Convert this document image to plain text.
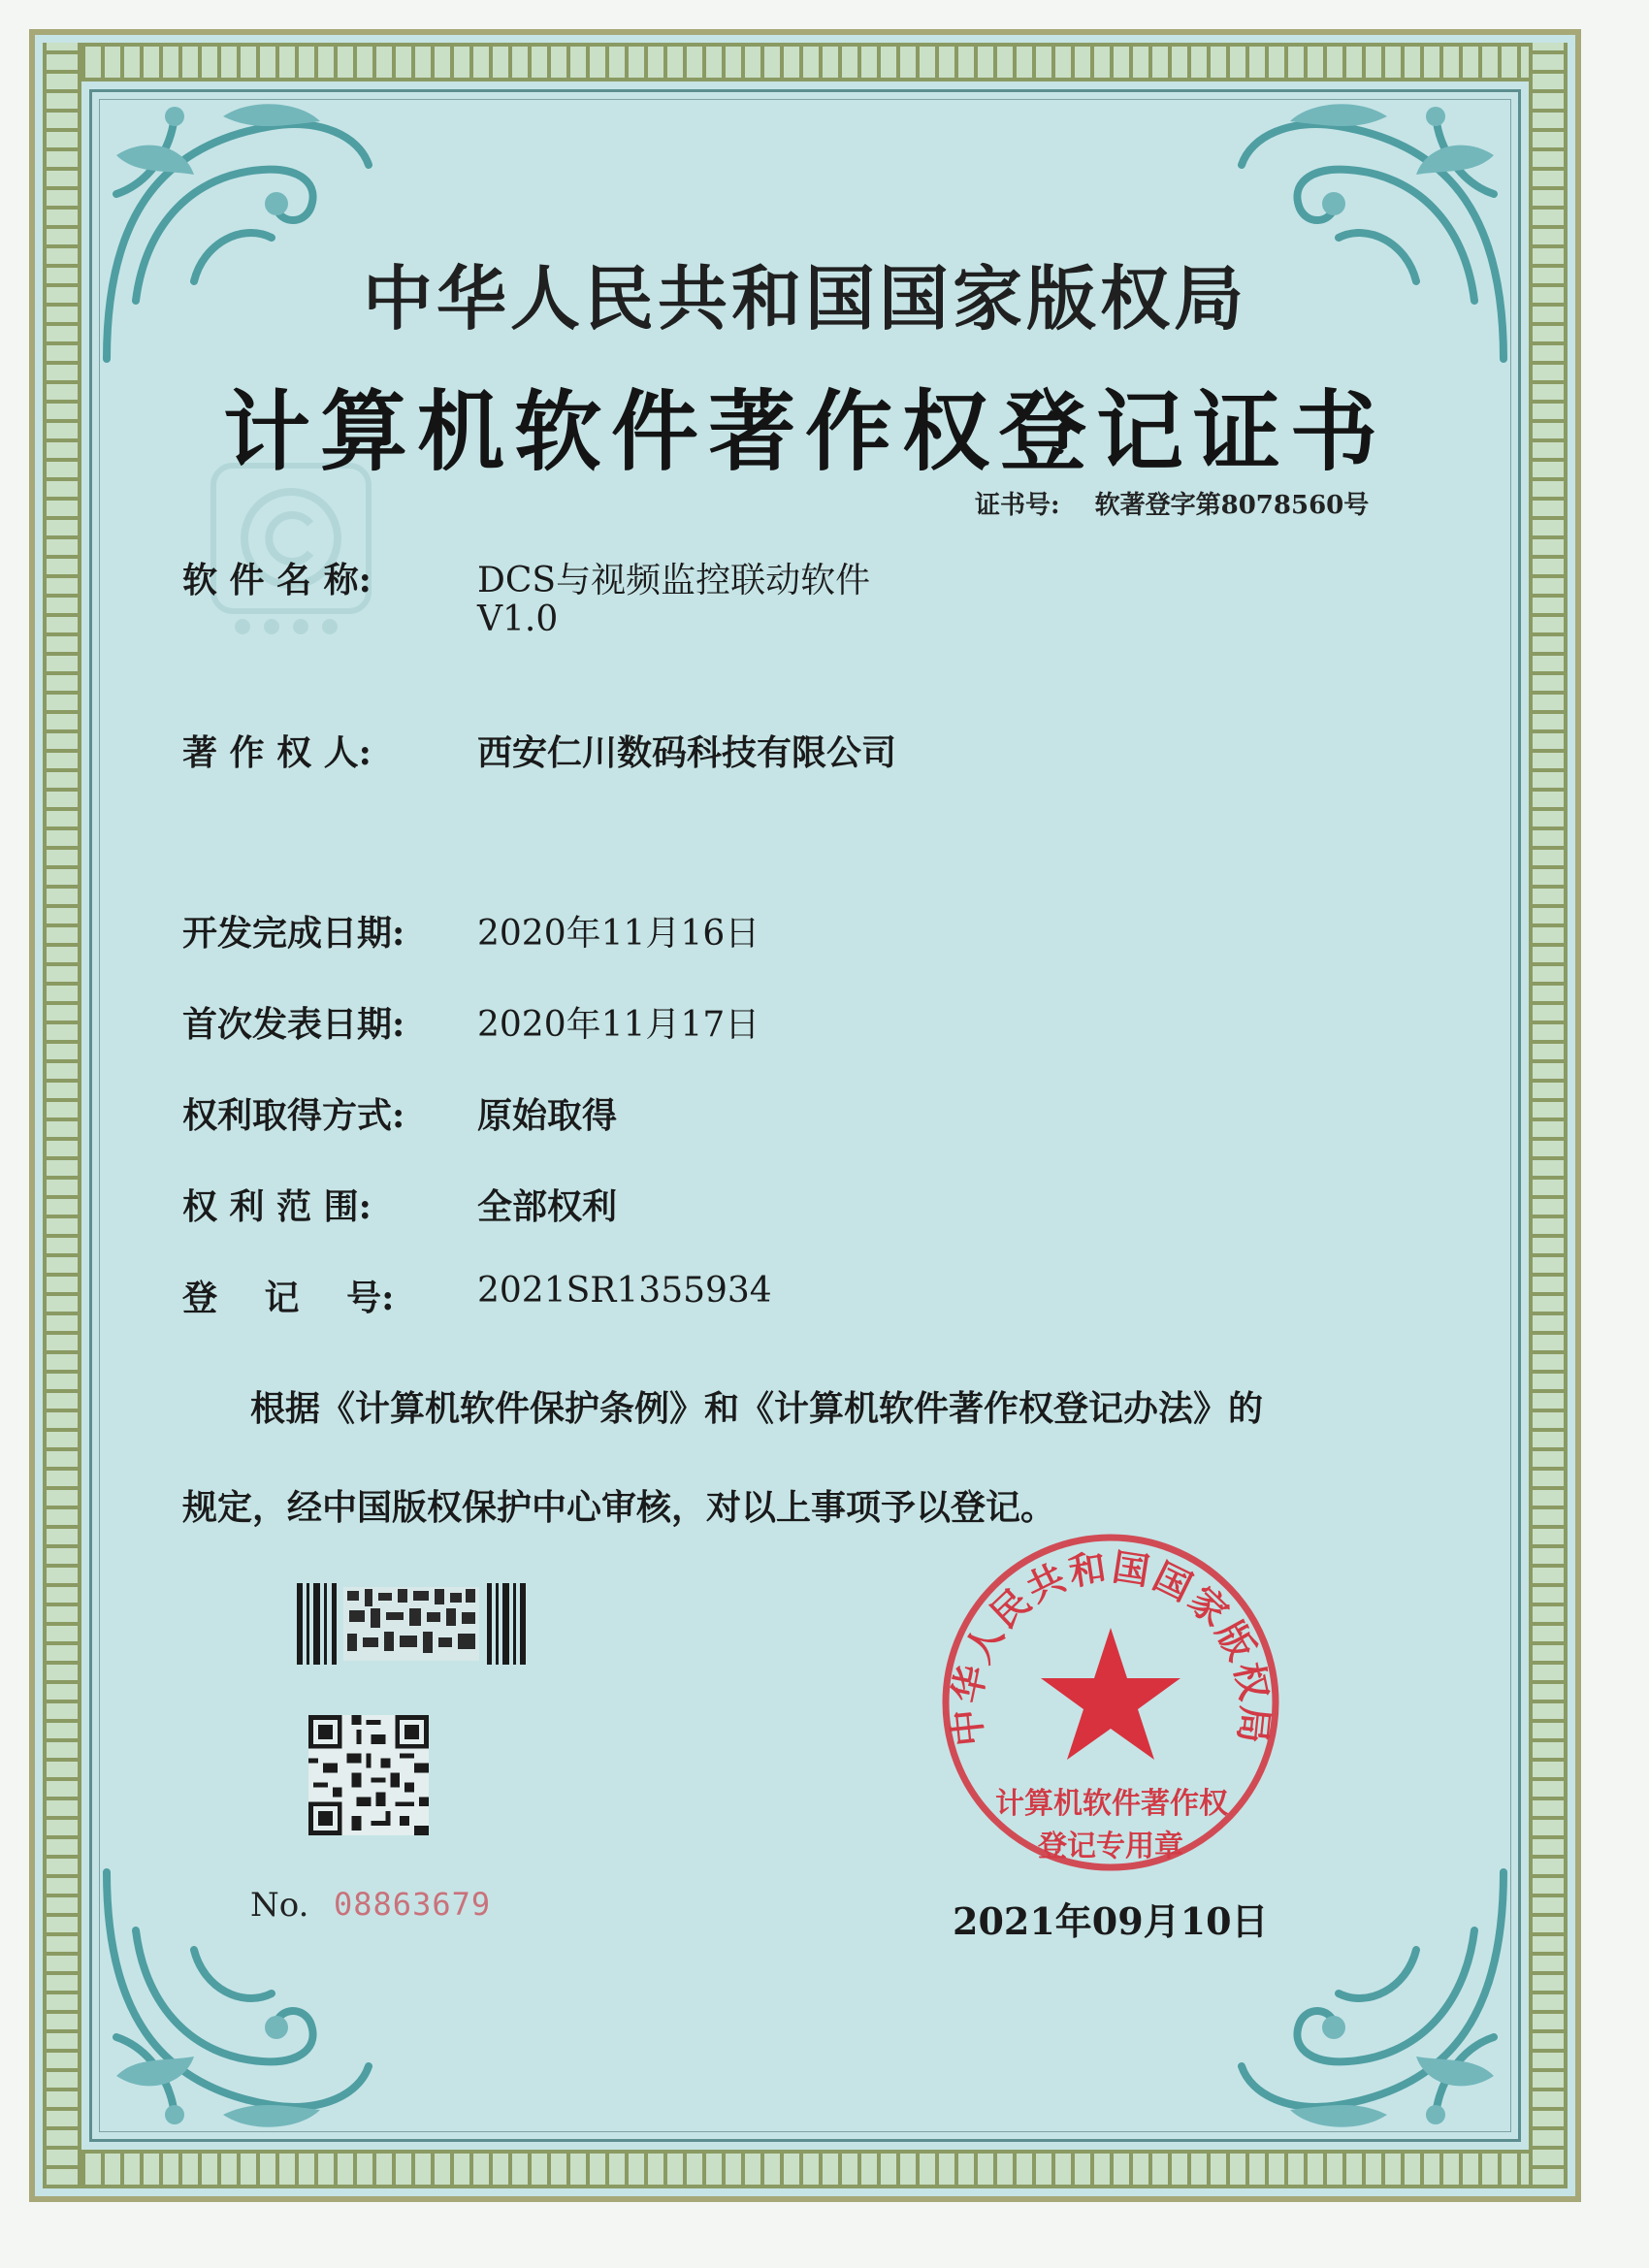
中华人民共和国国家版权局
计算机软件著作权登记证书
证书号: 软著登字第8078560号
软 件 名 称:	DCS与视频监控联动软件
V1.0
著 作 权 人:	西安仁川数码科技有限公司
开发完成日期: 2020年11月16日
首次发表日期: 2020年11月17日
权利取得方式: 原始取得
权 利 范 围:	全部权利
登　 记　 号: 2021SR1355934
根据《计算机软件保护条例》和《计算机软件著作权登记办法》的
规定，经中国版权保护中心审核，对以上事项予以登记。
No. 08863679
中华人民共和国国家版权局
计算机软件著作权
登记专用章
2021年09月10日
